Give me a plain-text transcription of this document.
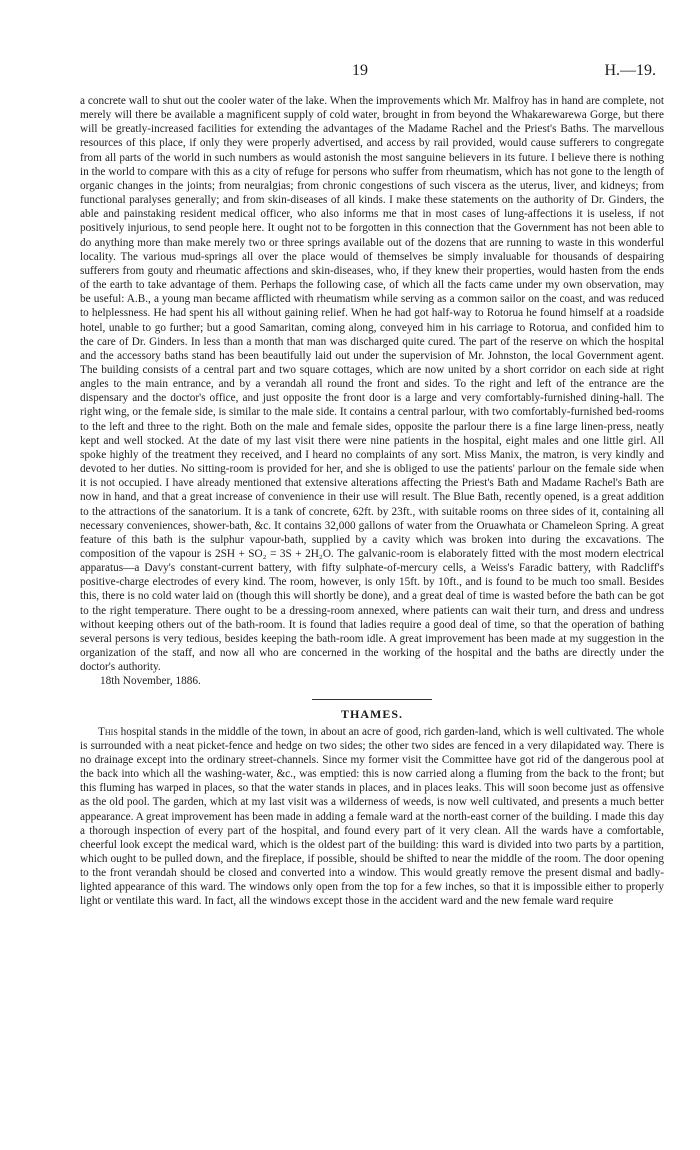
19	H.—19.

a concrete wall to shut out the cooler water of the lake. When the improvements which Mr. Malfroy has in hand are complete, not merely will there be available a magnificent supply of cold water, brought in from beyond the Whakarewarewa Gorge, but there will be greatly-increased facilities for extending the advantages of the Madame Rachel and the Priest's Baths. The marvellous resources of this place, if only they were properly advertised, and access by rail provided, would cause sufferers to congregate from all parts of the world in such numbers as would astonish the most sanguine believers in its future. I believe there is nothing in the world to compare with this as a city of refuge for persons who suffer from rheumatism, which has not gone to the length of organic changes in the joints; from neuralgias; from chronic congestions of such viscera as the uterus, liver, and kidneys; from functional paralyses generally; and from skin-diseases of all kinds. I make these statements on the authority of Dr. Ginders, the able and painstaking resident medical officer, who also informs me that in most cases of lung-affections it is useless, if not positively injurious, to send people here. It ought not to be forgotten in this connection that the Government has not been able to do anything more than make merely two or three springs available out of the dozens that are running to waste in this wonderful locality. The various mud-springs all over the place would of themselves be simply invaluable for thousands of despairing sufferers from gouty and rheumatic affections and skin-diseases, who, if they knew their properties, would hasten from the ends of the earth to take advantage of them. Perhaps the following case, of which all the facts came under my own observation, may be useful: A.B., a young man became afflicted with rheumatism while serving as a common sailor on the coast, and was reduced to helplessness. He had spent his all without gaining relief. When he had got half-way to Rotorua he found himself at a roadside hotel, unable to go further; but a good Samaritan, coming along, conveyed him in his carriage to Rotorua, and confided him to the care of Dr. Ginders. In less than a month that man was discharged quite cured. The part of the reserve on which the hospital and the accessory baths stand has been beautifully laid out under the supervision of Mr. Johnston, the local Government agent. The building consists of a central part and two square cottages, which are now united by a short corridor on each side at right angles to the main entrance, and by a verandah all round the front and sides. To the right and left of the entrance are the dispensary and the doctor's office, and just opposite the front door is a large and very comfortably-furnished dining-hall. The right wing, or the female side, is similar to the male side. It contains a central parlour, with two comfortably-furnished bed-rooms to the left and three to the right. Both on the male and female sides, opposite the parlour there is a fine large linen-press, neatly kept and well stocked. At the date of my last visit there were nine patients in the hospital, eight males and one little girl. All spoke highly of the treatment they received, and I heard no complaints of any sort. Miss Manix, the matron, is very kindly and devoted to her duties. No sitting-room is provided for her, and she is obliged to use the patients' parlour on the female side when it is not occupied. I have already mentioned that extensive alterations affecting the Priest's Bath and Madame Rachel's Bath are now in hand, and that a great increase of convenience in their use will result. The Blue Bath, recently opened, is a great addition to the attractions of the sanatorium. It is a tank of concrete, 62ft. by 23ft., with suitable rooms on three sides of it, containing all necessary conveniences, shower-bath, &c. It contains 32,000 gallons of water from the Oruawhata or Chameleon Spring. A great feature of this bath is the sulphur vapour-bath, supplied by a cavity which was broken into during the excavations. The composition of the vapour is 2SH + SO₂ = 3S + 2H₂O. The galvanic-room is elaborately fitted with the most modern electrical apparatus—a Davy's constant-current battery, with fifty sulphate-of-mercury cells, a Weiss's Faradic battery, with Radcliff's positive-charge electrodes of every kind. The room, however, is only 15ft. by 10ft., and is found to be much too small. Besides this, there is no cold water laid on (though this will shortly be done), and a great deal of time is wasted before the bath can be got to the right temperature. There ought to be a dressing-room annexed, where patients can wait their turn, and dress and undress without keeping others out of the bath-room. It is found that ladies require a good deal of time, so that the operation of bathing several persons is very tedious, besides keeping the bath-room idle. A great improvement has been made at my suggestion in the organization of the staff, and now all who are concerned in the working of the hospital and the baths are directly under the doctor's authority.

18th November, 1886.

THAMES.

This hospital stands in the middle of the town, in about an acre of good, rich garden-land, which is well cultivated. The whole is surrounded with a neat picket-fence and hedge on two sides; the other two sides are fenced in a very dilapidated way. There is no drainage except into the ordinary street-channels. Since my former visit the Committee have got rid of the dangerous pool at the back into which all the washing-water, &c., was emptied: this is now carried along a fluming from the back to the front; but this fluming has warped in places, so that the water stands in places, and in places leaks. This will soon become just as offensive as the old pool. The garden, which at my last visit was a wilderness of weeds, is now well cultivated, and presents a much better appearance. A great improvement has been made in adding a female ward at the north-east corner of the building. I made this day a thorough inspection of every part of the hospital, and found every part of it very clean. All the wards have a comfortable, cheerful look except the medical ward, which is the oldest part of the building: this ward is divided into two parts by a partition, which ought to be pulled down, and the fireplace, if possible, should be shifted to near the middle of the room. The door opening to the front verandah should be closed and converted into a window. This would greatly remove the present dismal and badly-lighted appearance of this ward. The windows only open from the top for a few inches, so that it is impossible either to properly light or ventilate this ward. In fact, all the windows except those in the accident ward and the new female ward require
